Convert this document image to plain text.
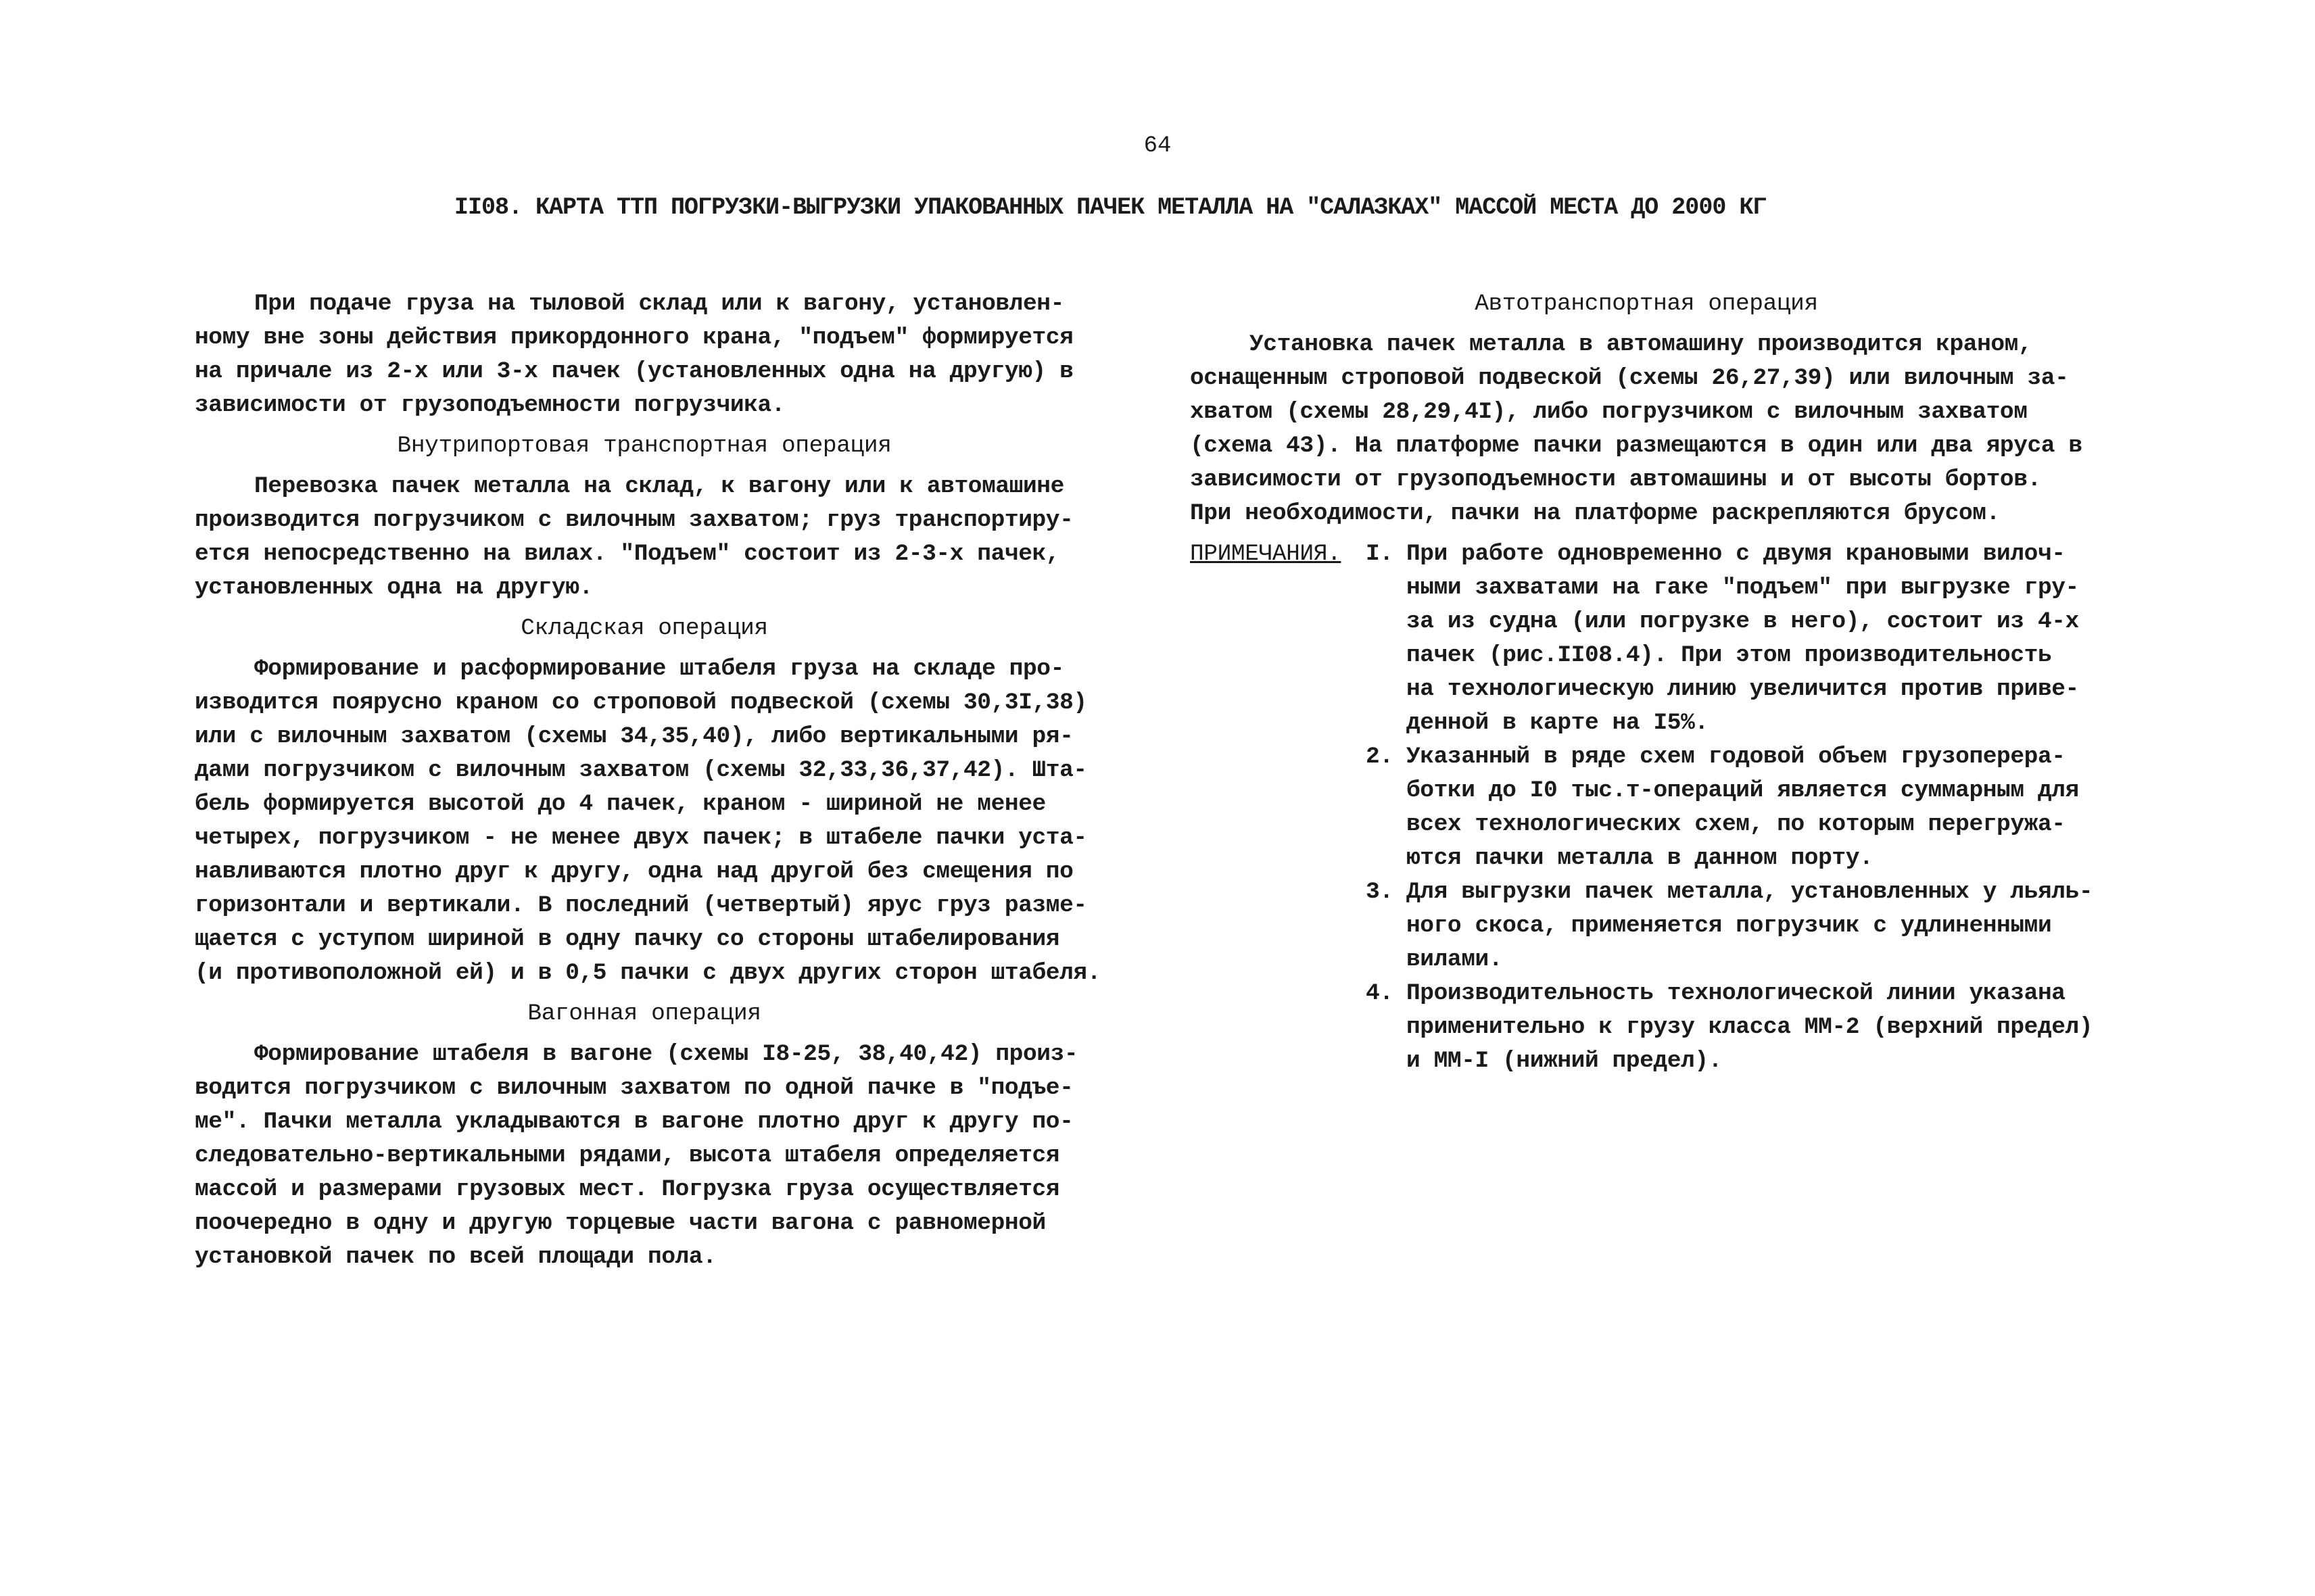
64
II08. КАРТА ТТП ПОГРУЗКИ-ВЫГРУЗКИ УПАКОВАННЫХ ПАЧЕК МЕТАЛЛА НА "САЛАЗКАХ" МАССОЙ МЕСТА ДО 2000 КГ
При подаче груза на тыловой склад или к вагону, установлен-
ному вне зоны действия прикордонного крана, "подъем" формируется
на причале из 2-х или 3-х пачек (установленных одна на другую) в
зависимости от грузоподъемности погрузчика.
Внутрипортовая транспортная операция
Перевозка пачек металла на склад, к вагону или к автомашине
производится погрузчиком с вилочным захватом; груз транспортиру-
ется непосредственно на вилах. "Подъем" состоит из 2-3-х пачек,
установленных одна на другую.
Складская операция
Формирование и расформирование штабеля груза на складе про-
изводится поярусно краном со строповой подвеской (схемы 30,3I,38)
или с вилочным захватом (схемы 34,35,40), либо вертикальными ря-
дами погрузчиком с вилочным захватом (схемы 32,33,36,37,42). Шта-
бель формируется высотой до 4 пачек, краном - шириной не менее
четырех, погрузчиком - не менее двух пачек; в штабеле пачки уста-
навливаются плотно друг к другу, одна над другой без смещения по
горизонтали и вертикали. В последний (четвертый) ярус груз разме-
щается с уступом шириной в одну пачку со стороны штабелирования
(и противоположной ей) и в 0,5 пачки с двух других сторон штабеля.
Вагонная операция
Формирование штабеля в вагоне (схемы I8-25, 38,40,42) произ-
водится погрузчиком с вилочным захватом по одной пачке в "подъе-
ме". Пачки металла укладываются в вагоне плотно друг к другу по-
следовательно-вертикальными рядами, высота штабеля определяется
массой и размерами грузовых мест. Погрузка груза осуществляется
поочередно в одну и другую торцевые части вагона с равномерной
установкой пачек по всей площади пола.
Автотранспортная операция
Установка пачек металла в автомашину производится краном,
оснащенным строповой подвеской (схемы 26,27,39) или вилочным за-
хватом (схемы 28,29,4I), либо погрузчиком с вилочным захватом
(схема 43). На платформе пачки размещаются в один или два яруса в
зависимости от грузоподъемности автомашины и от высоты бортов.
При необходимости, пачки на платформе раскрепляются брусом.
ПРИМЕЧАНИЯ. I. При работе одновременно с двумя крановыми вилоч-
ными захватами на гаке "подъем" при выгрузке гру-
за из судна (или погрузке в него), состоит из 4-х
пачек (рис.II08.4). При этом производительность
на технологическую линию увеличится против приве-
денной в карте на I5%.
2. Указанный в ряде схем годовой объем грузоперера-
ботки до I0 тыс.т-операций является суммарным для
всех технологических схем, по которым перегружа-
ются пачки металла в данном порту.
3. Для выгрузки пачек металла, установленных у льяль-
ного скоса, применяется погрузчик с удлиненными
вилами.
4. Производительность технологической линии указана
применительно к грузу класса ММ-2 (верхний предел)
и ММ-I (нижний предел).
